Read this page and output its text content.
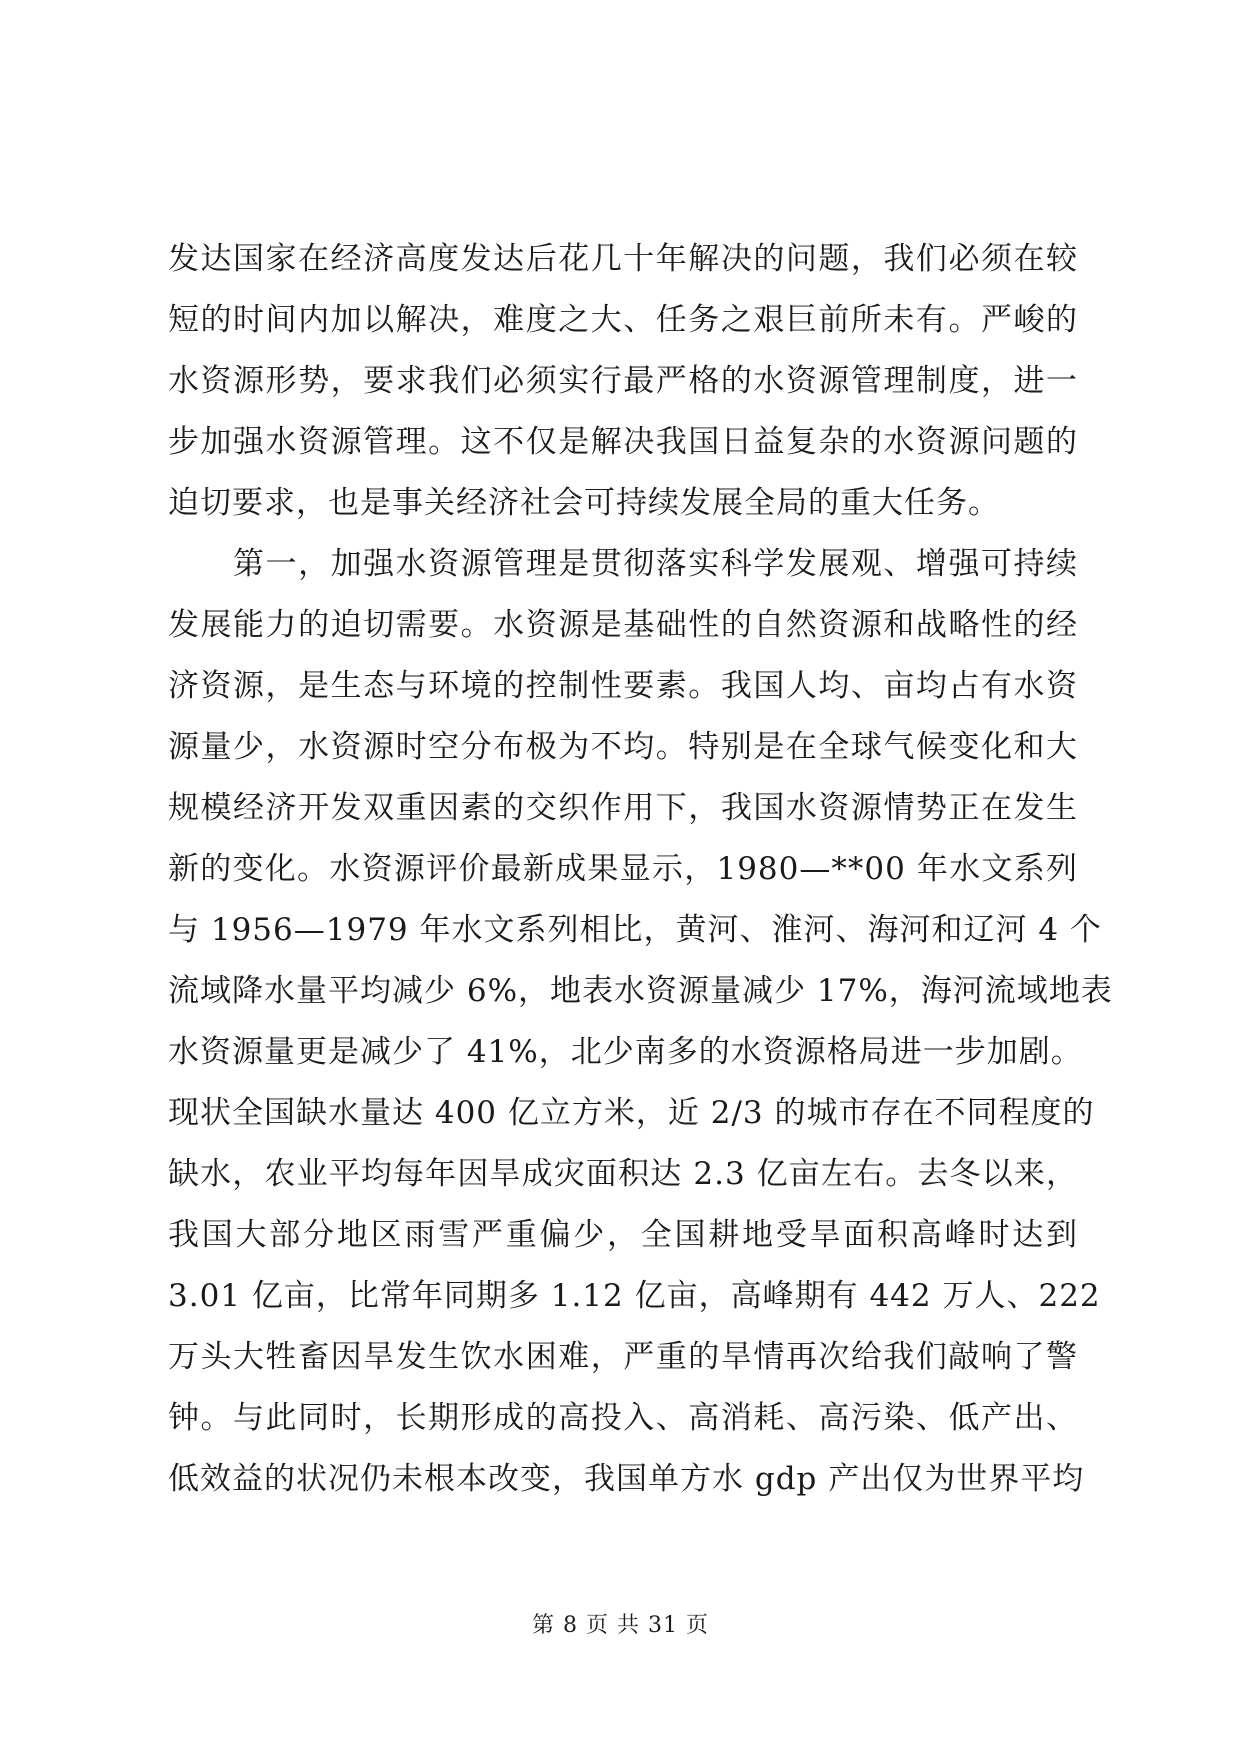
发达国家在经济高度发达后花几十年解决的问题，我们必须在较
短的时间内加以解决，难度之大、任务之艰巨前所未有。严峻的
水资源形势，要求我们必须实行最严格的水资源管理制度，进一
步加强水资源管理。这不仅是解决我国日益复杂的水资源问题的
迫切要求，也是事关经济社会可持续发展全局的重大任务。
　　第一，加强水资源管理是贯彻落实科学发展观、增强可持续
发展能力的迫切需要。水资源是基础性的自然资源和战略性的经
济资源，是生态与环境的控制性要素。我国人均、亩均占有水资
源量少，水资源时空分布极为不均。特别是在全球气候变化和大
规模经济开发双重因素的交织作用下，我国水资源情势正在发生
新的变化。水资源评价最新成果显示，1980—**00 年水文系列
与 1956—1979 年水文系列相比，黄河、淮河、海河和辽河 4 个
流域降水量平均减少 6%，地表水资源量减少 17%，海河流域地表
水资源量更是减少了 41%，北少南多的水资源格局进一步加剧。
现状全国缺水量达 400 亿立方米，近 2/3 的城市存在不同程度的
缺水，农业平均每年因旱成灾面积达 2.3 亿亩左右。去冬以来，
我国大部分地区雨雪严重偏少，全国耕地受旱面积高峰时达到
3.01 亿亩，比常年同期多 1.12 亿亩，高峰期有 442 万人、222
万头大牲畜因旱发生饮水困难，严重的旱情再次给我们敲响了警
钟。与此同时，长期形成的高投入、高消耗、高污染、低产出、
低效益的状况仍未根本改变，我国单方水 gdp 产出仅为世界平均
第 8 页 共 31 页
